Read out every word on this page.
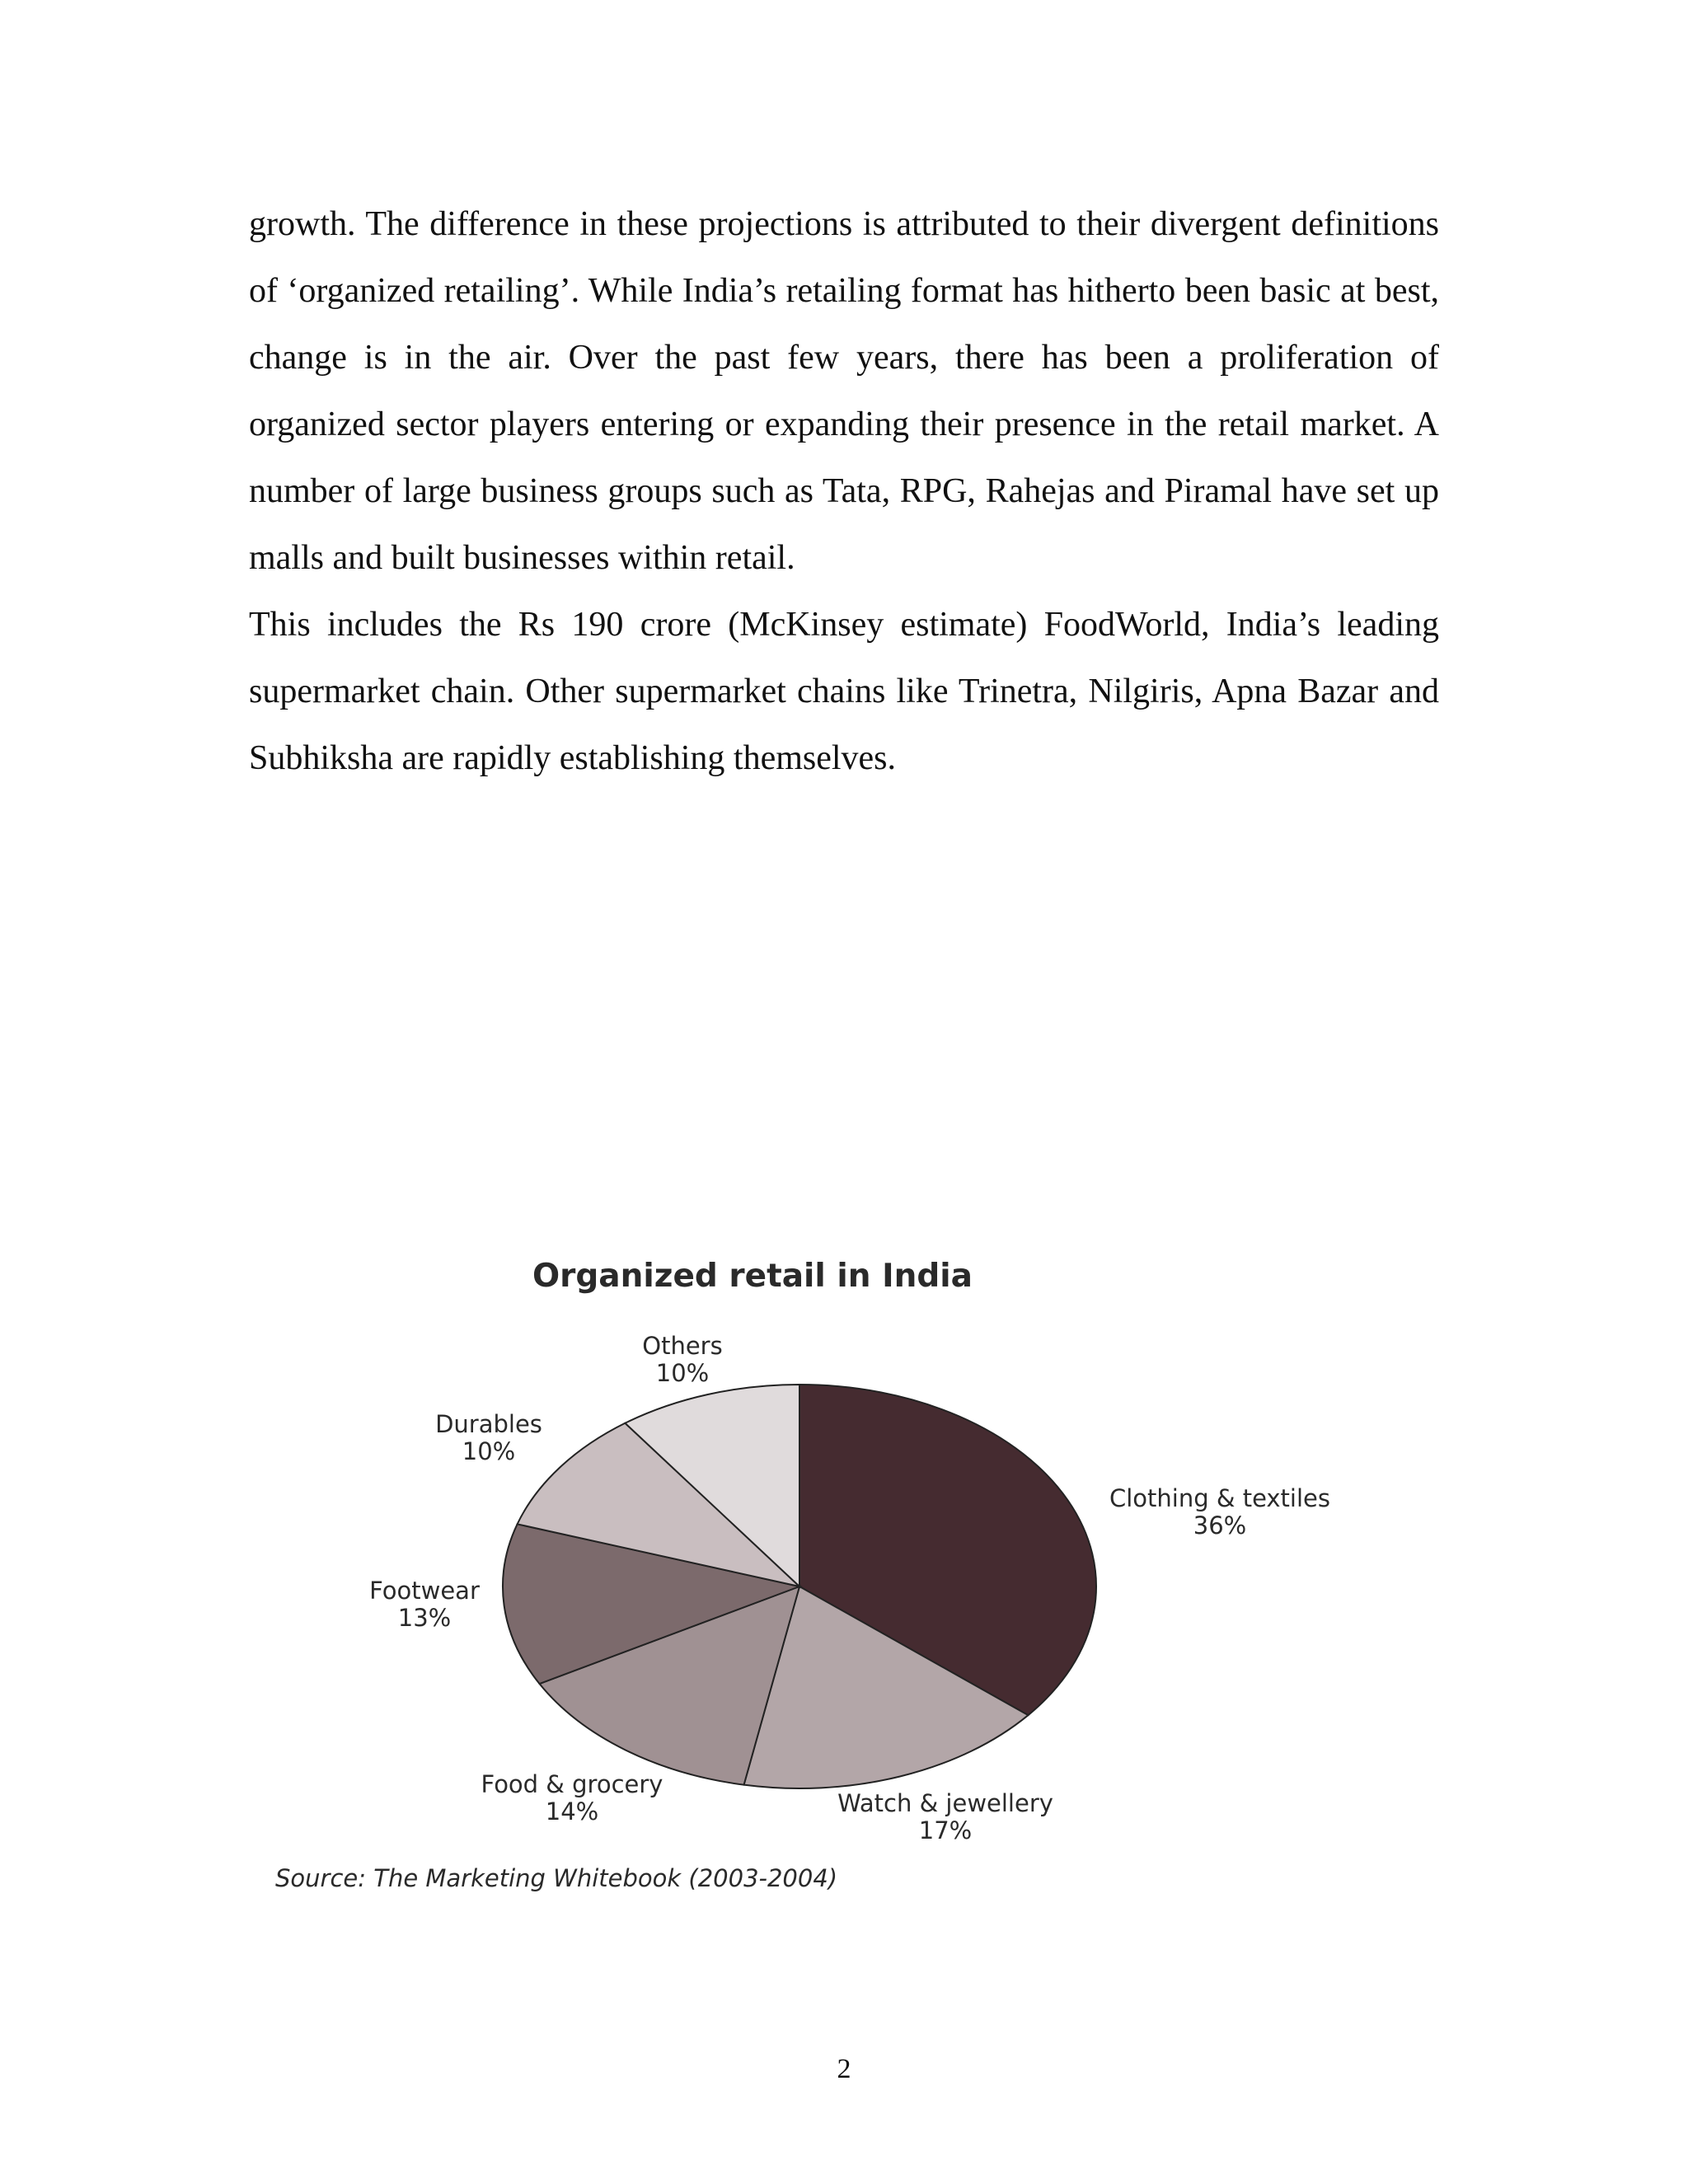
growth. The difference in these projections is attributed to their divergent definitions of ‘organized retailing’. While India’s retailing format has hitherto been basic at best, change is in the air. Over the past few years, there has been a proliferation of organized sector players entering or expanding their presence in the retail market. A number of large business groups such as Tata, RPG, Rahejas and Piramal have set up malls and built businesses within retail.

This includes the Rs 190 crore (McKinsey estimate) FoodWorld, India’s leading supermarket chain. Other supermarket chains like Trinetra, Nilgiris, Apna Bazar and Subhiksha are rapidly establishing themselves.

Organized retail in India
Clothing & textiles
36%
Watch & jewellery
17%
Food & grocery
14%
Footwear
13%
Durables
10%
Others
10%
Source: The Marketing Whitebook (2003-2004)
2
